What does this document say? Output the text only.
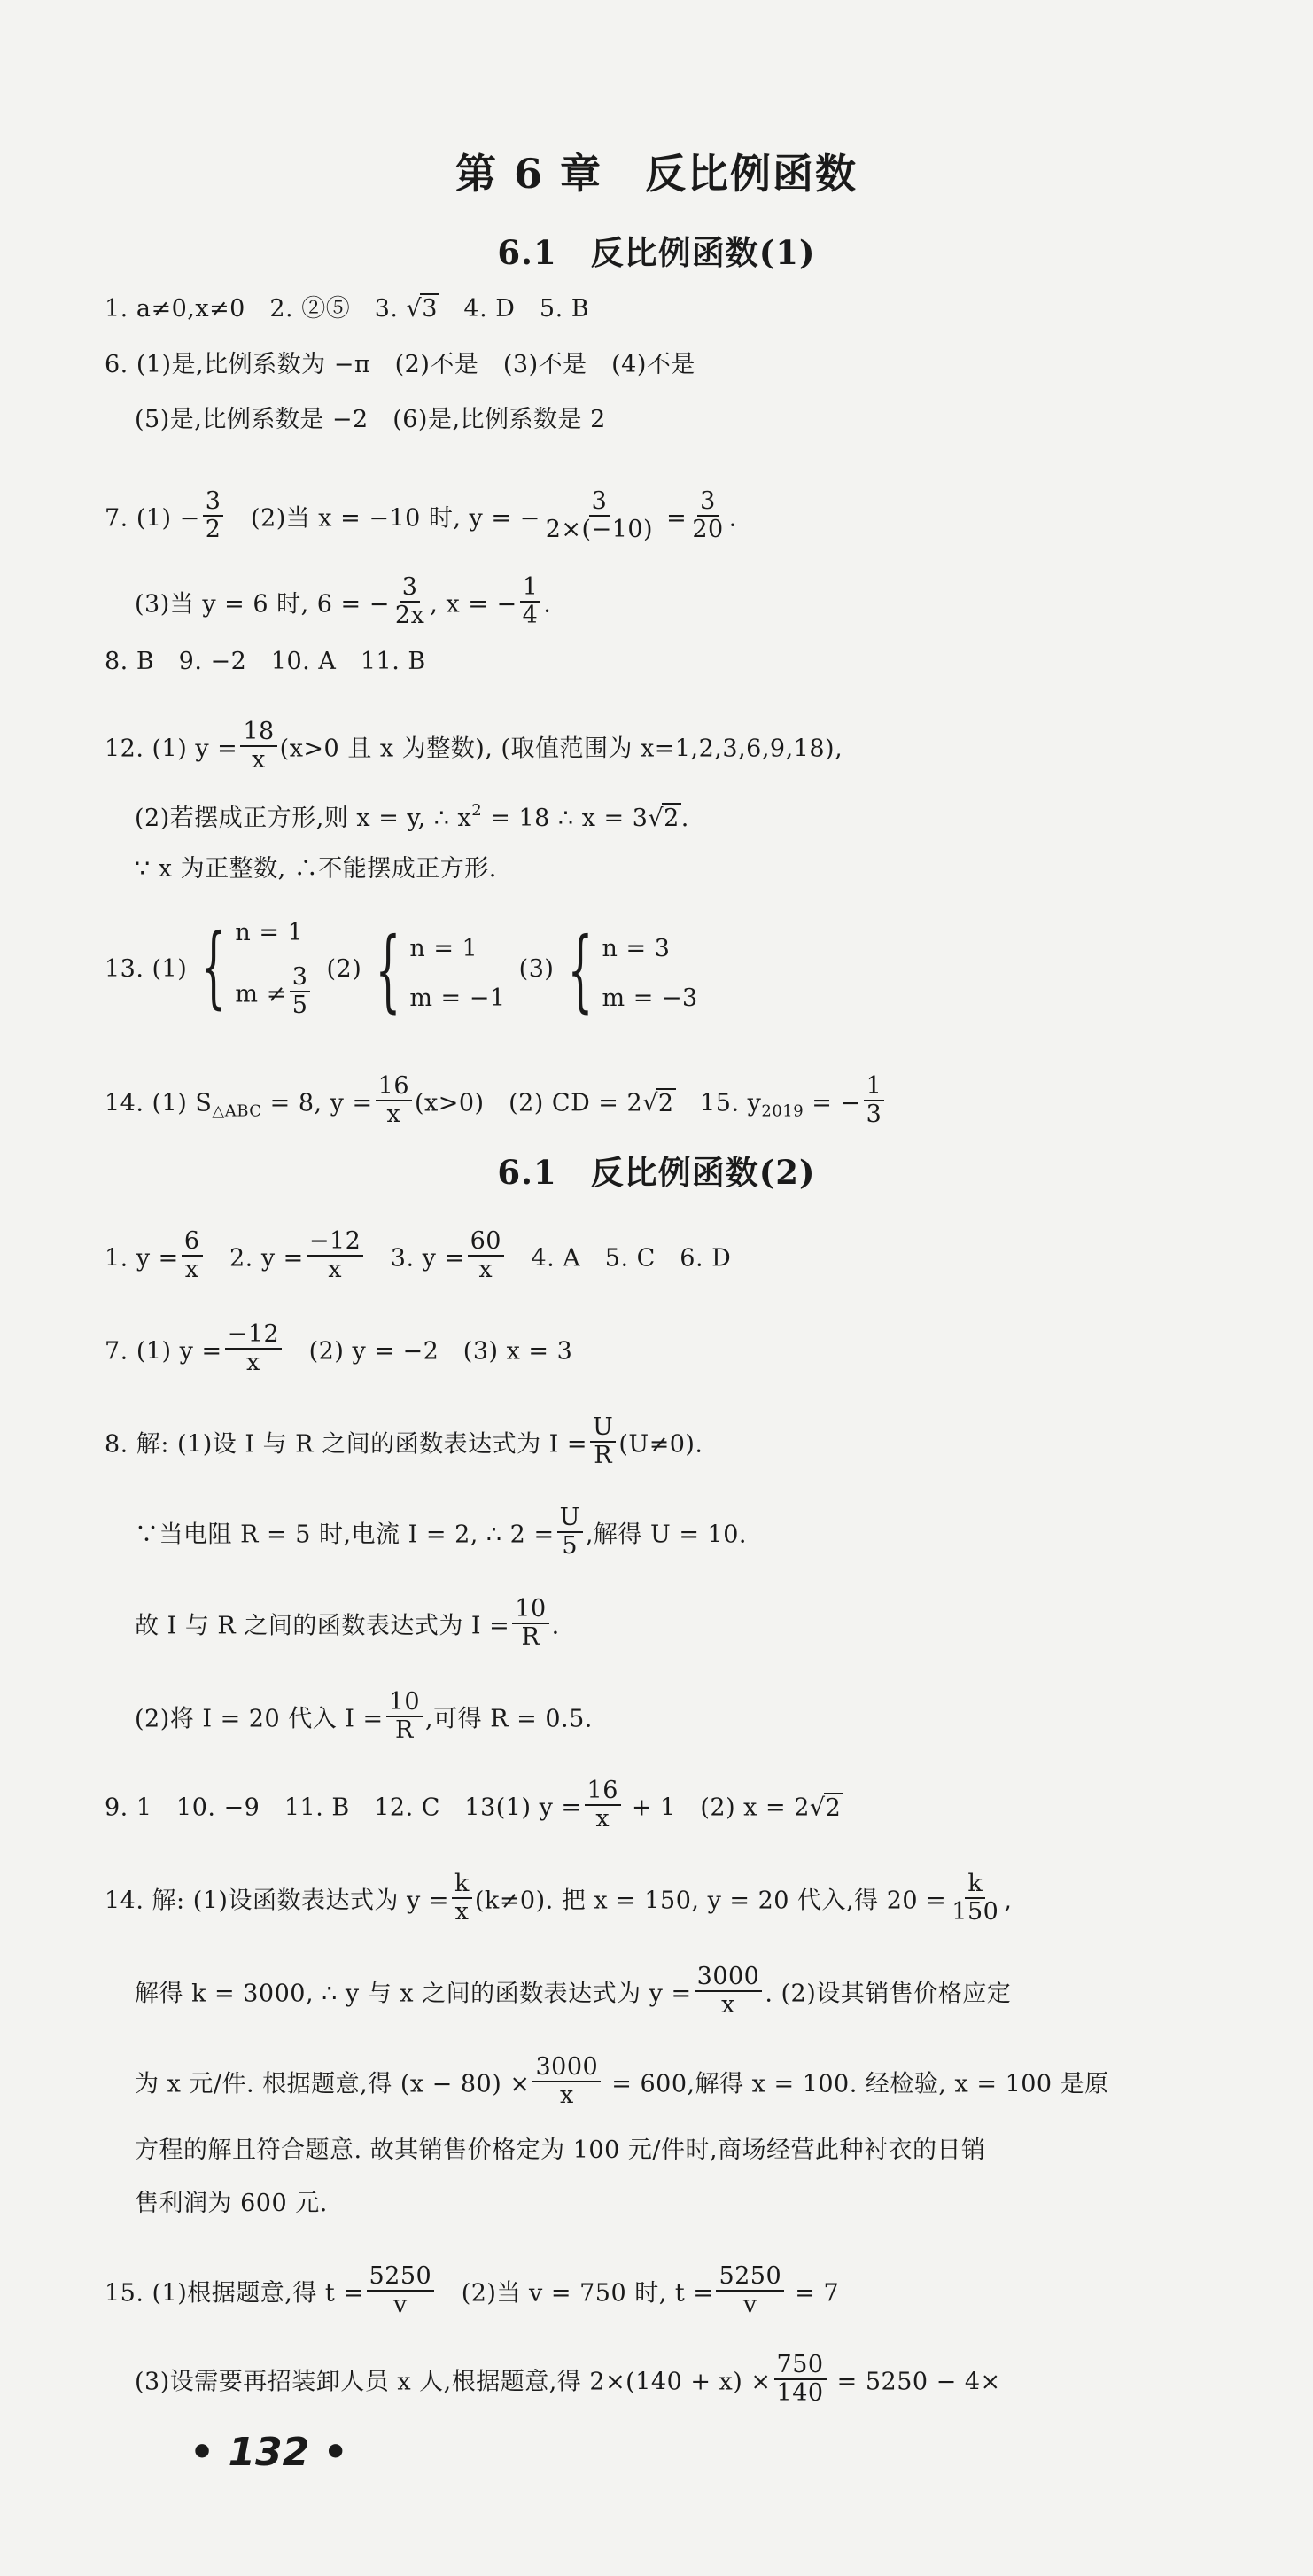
第 6 章　反比例函数
6.1　反比例函数(1)
1. a≠0,x≠0　2. ②⑤　3. √3　4. D　5. B
6. (1)是,比例系数为 −π　(2)不是　(3)不是　(4)不是
(5)是,比例系数是 −2　(6)是,比例系数是 2
7. $(1) - \frac{3}{2}$ 　(2)当 x = −10 时, y = − $\frac{3}{2\times(-10)} = \frac{3}{20}$ .
(3)当 y = 6 时, 6 = − $\frac{3}{2x}$ , x = − $\frac{1}{4}$ .
8. B　9. −2　10. A　11. B
12. (1) $y = \frac{18}{x} (x>0$ 且 x 为整数), (取值范围为 x=1,2,3,6,9,18),
(2)若摆成正方形,则 x = y, ∴ $x^2 = 18$ ∴ x = 3√2.
∵ x 为正整数, ∴不能摆成正方形.
13. (1) { n = 1
$m \ne \frac{3}{5} (2)$ { n = 1
m = −1
(3) { n = 3
m = −3
14. (1) $S_{\triangle ABC} = 8$, $y = \frac{16}{x} (x>0)$　(2) CD = 2√2　15. $y_{2019}$ = − $\frac{1}{3}$
6.1　反比例函数(2)
1. $y = \frac{6}{x}$ 　2. $y = \frac{-12}{x}$ 　3. $y = \frac{60}{x}$ 　4. A　5. C　6. D
7. (1) $y = \frac{-12}{x}$ 　(2) y = −2　(3) x = 3
8. 解: (1)设 I 与 R 之间的函数表达式为 $I = \frac{U}{R} (U\ne 0)$.
∵当电阻 R = 5 时,电流 I = 2, ∴ $2 = \frac{U}{5}$ ,解得 U = 10.
故 I 与 R 之间的函数表达式为 $I = \frac{10}{R}$ .
(2)将 I = 20 代入 $I = \frac{10}{R}$ ,可得 R = 0.5.
9. 1　10. −9　11. B　12. C　13(1) $y = \frac{16}{x} + 1$　(2) x = 2√2
14. 解: (1)设函数表达式为 $y = \frac{k}{x} (k\ne 0)$. 把 x = 150, y = 20 代入,得 $20 = \frac{k}{150}$ ,
解得 k = 3000, ∴ y 与 x 之间的函数表达式为 $y = \frac{3000}{x}$ . (2)设其销售价格应定
为 x 元/件. 根据题意,得 $(x - 80) \times \frac{3000}{x} = 600$,解得 x = 100. 经检验, x = 100 是原
方程的解且符合题意. 故其销售价格定为 100 元/件时,商场经营此种衬衣的日销
售利润为 600 元.
15. (1)根据题意,得 $t = \frac{5250}{v}$ 　(2)当 v = 750 时, $t = \frac{5250}{v} = 7$
(3)设需要再招装卸人员 x 人,根据题意,得 $2\times(140 + x) \times \frac{750}{140} = 5250 - 4\times$
• 132 •
